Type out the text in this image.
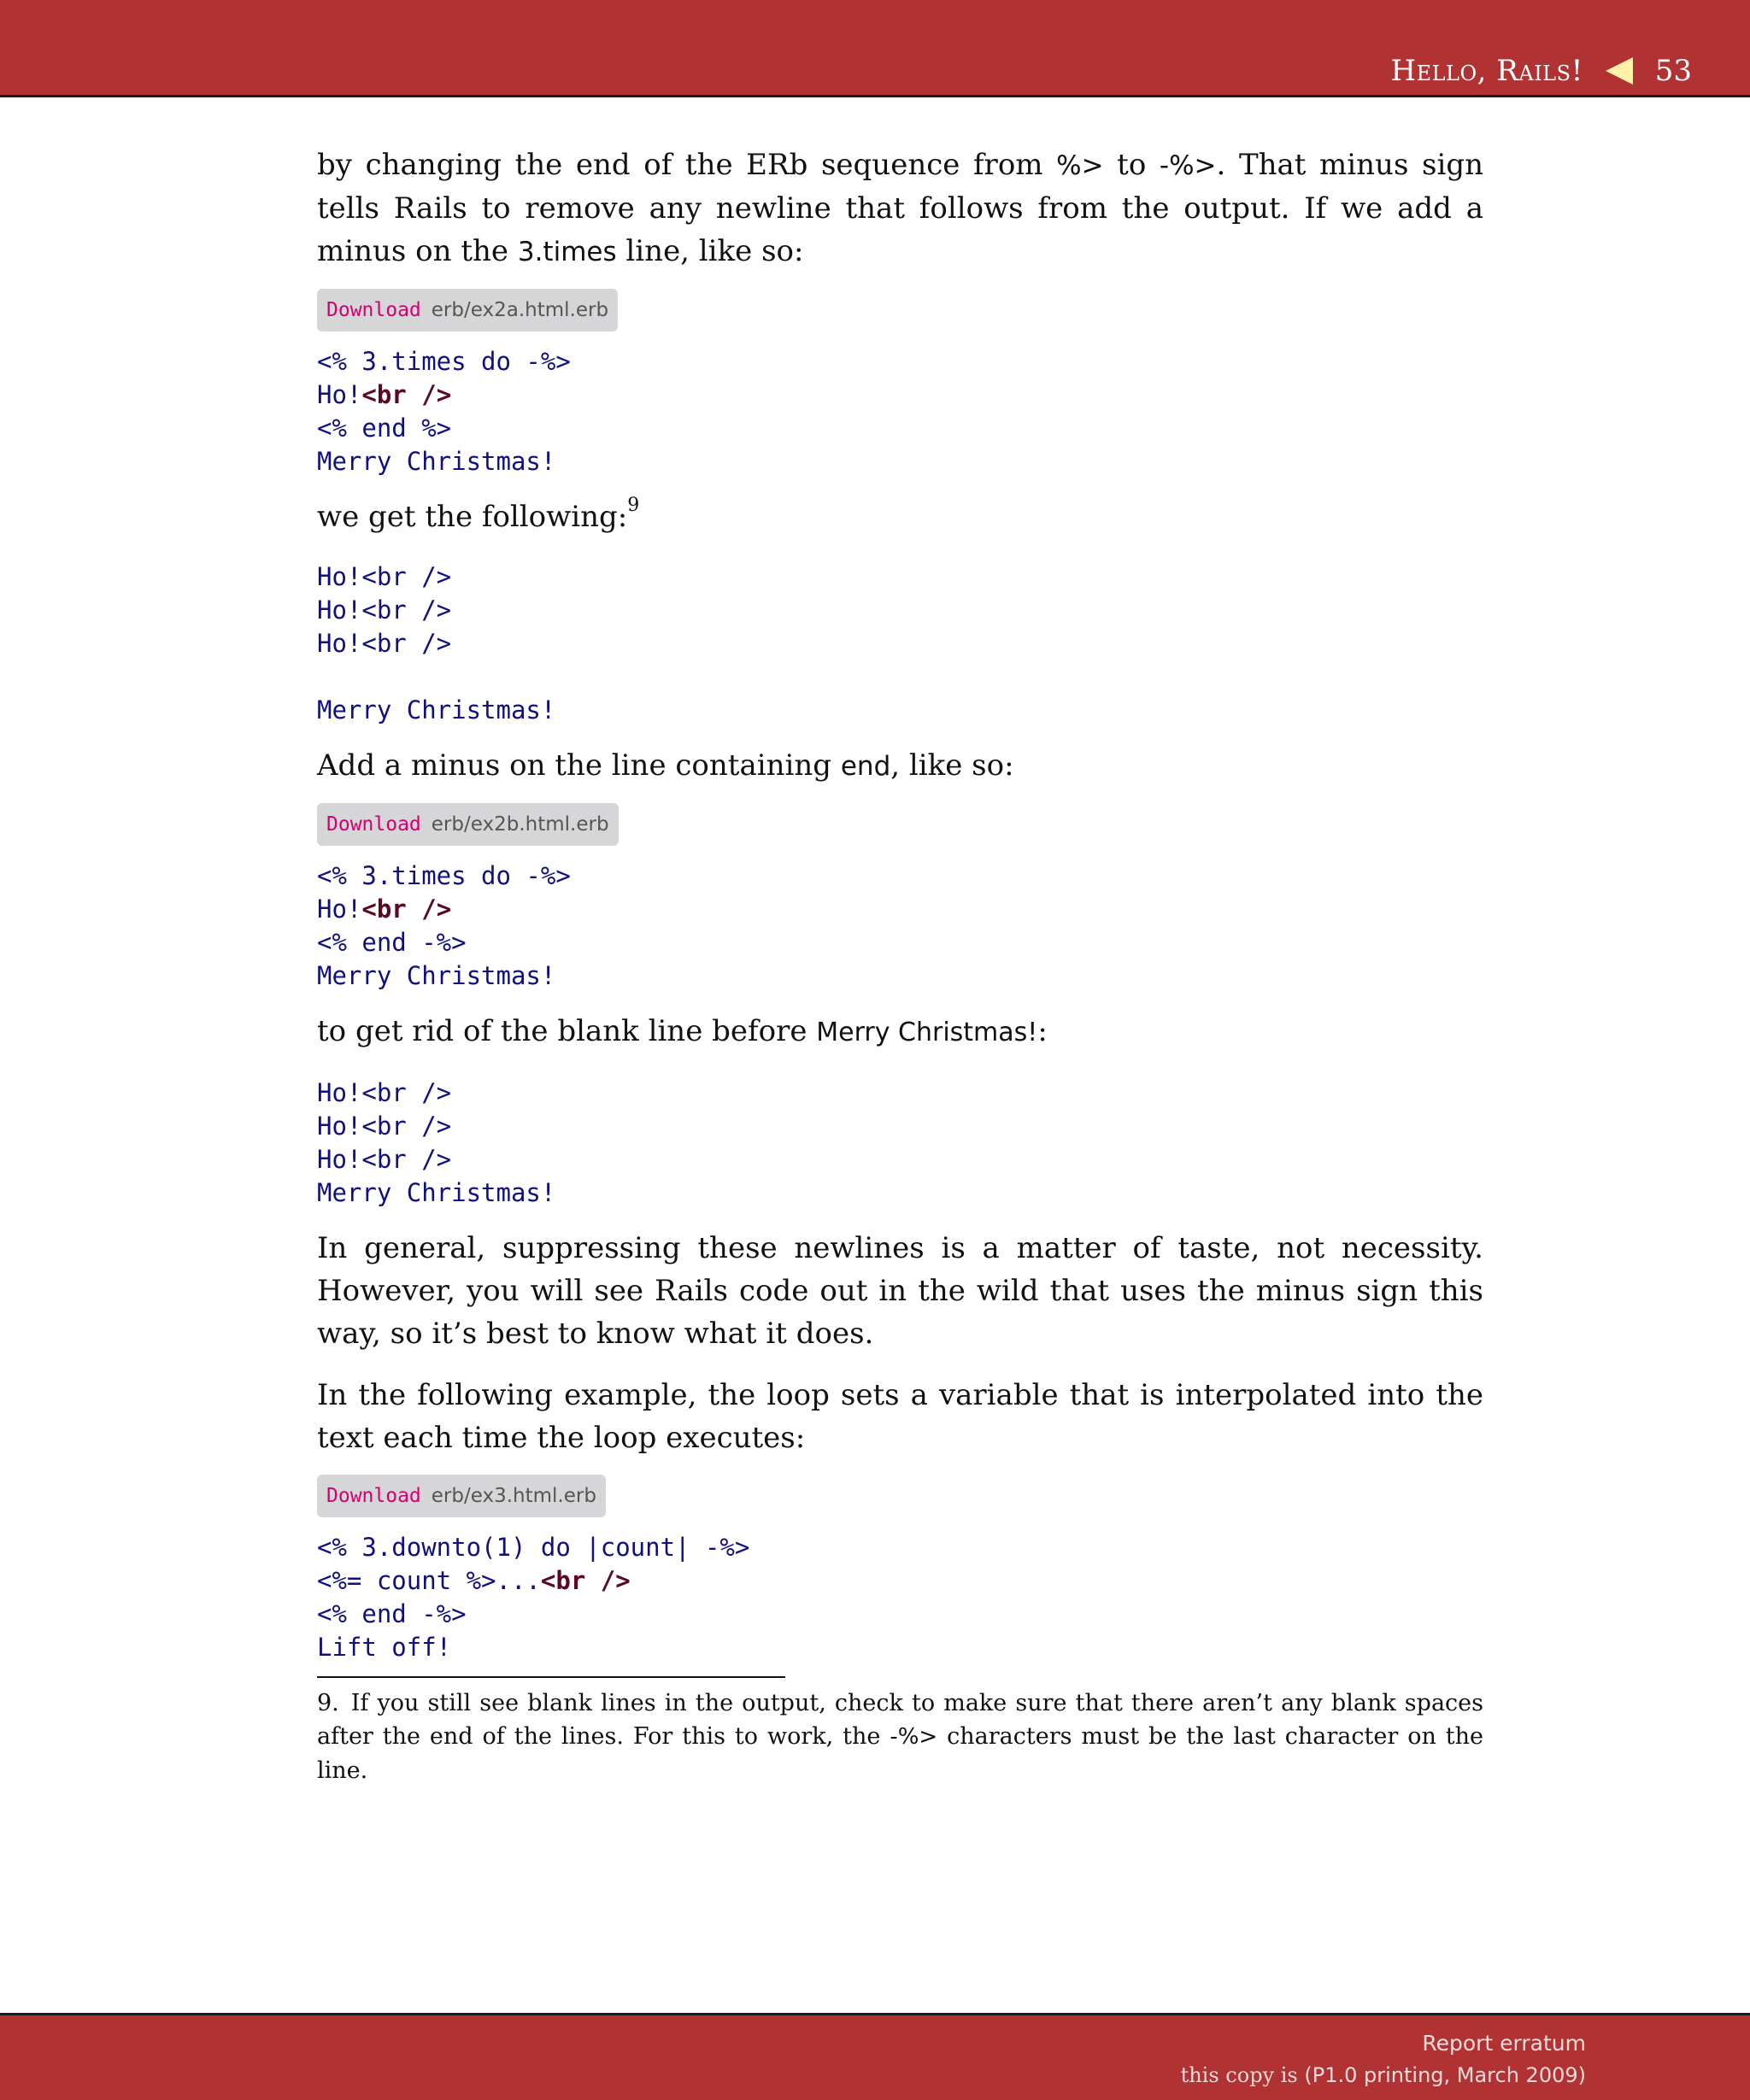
Hello, Rails! 53

by changing the end of the ERb sequence from %> to -%>. That minus sign tells Rails to remove any newline that follows from the output. If we add a minus on the 3.times line, like so:

Download erb/ex2a.html.erb
<% 3.times do -%>
Ho!<br />
<% end %>
Merry Christmas!

we get the following:$^9$

Ho!<br />
Ho!<br />
Ho!<br />
Merry Christmas!

Add a minus on the line containing end, like so:

Download erb/ex2b.html.erb
<% 3.times do -%>
Ho!<br />
<% end -%>
Merry Christmas!

to get rid of the blank line before Merry Christmas!:

Ho!<br />
Ho!<br />
Ho!<br />
Merry Christmas!

In general, suppressing these newlines is a matter of taste, not necessity. However, you will see Rails code out in the wild that uses the minus sign this way, so it’s best to know what it does.

In the following example, the loop sets a variable that is interpolated into the text each time the loop executes:

Download erb/ex3.html.erb
<% 3.downto(1) do |count| -%>
<%= count %>...<br />
<% end -%>
Lift off!

9. If you still see blank lines in the output, check to make sure that there aren’t any blank spaces after the end of the lines. For this to work, the -%> characters must be the last character on the line.

Report erratum
this copy is (P1.0 printing, March 2009)
